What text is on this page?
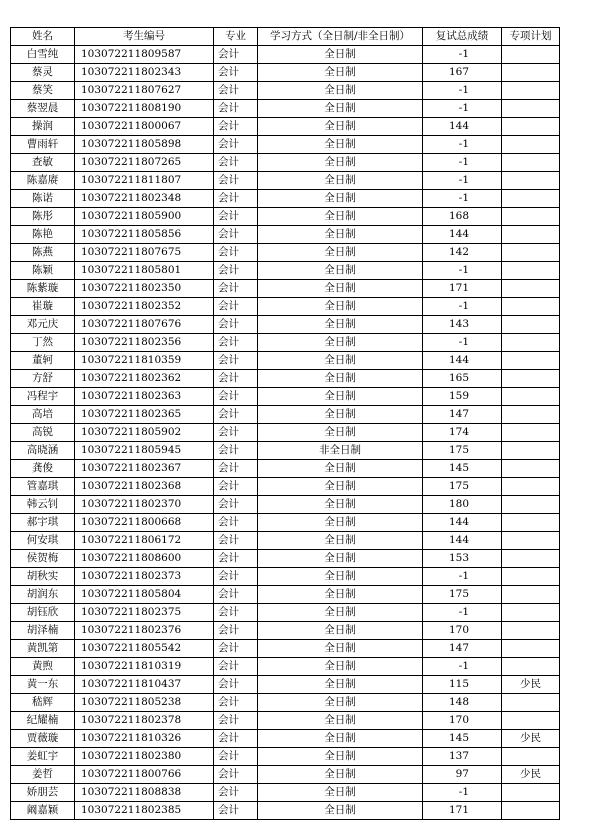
姓名	考生编号	专业	学习方式（全日制/非全日制）	复试总成绩	专项计划
白雪纯	103072211809587	会计	全日制	-1	
蔡灵	103072211802343	会计	全日制	167	
蔡笑	103072211807627	会计	全日制	-1	
蔡翌晨	103072211808190	会计	全日制	-1	
操润	103072211800067	会计	全日制	144	
曹雨轩	103072211805898	会计	全日制	-1	
查敏	103072211807265	会计	全日制	-1	
陈嘉赓	103072211811807	会计	全日制	-1	
陈诺	103072211802348	会计	全日制	-1	
陈彤	103072211805900	会计	全日制	168	
陈艳	103072211805856	会计	全日制	144	
陈燕	103072211807675	会计	全日制	142	
陈颖	103072211805801	会计	全日制	-1	
陈紫璇	103072211802350	会计	全日制	171	
崔璇	103072211802352	会计	全日制	-1	
邓元庆	103072211807676	会计	全日制	143	
丁然	103072211802356	会计	全日制	-1	
董轲	103072211810359	会计	全日制	144	
方舒	103072211802362	会计	全日制	165	
冯程宇	103072211802363	会计	全日制	159	
高培	103072211802365	会计	全日制	147	
高锐	103072211805902	会计	全日制	174	
高晓涵	103072211805945	会计	非全日制	175	
龚俊	103072211802367	会计	全日制	145	
管嘉琪	103072211802368	会计	全日制	175	
韩云钊	103072211802370	会计	全日制	180	
郝宇琪	103072211800668	会计	全日制	144	
何安琪	103072211806172	会计	全日制	144	
侯贺梅	103072211808600	会计	全日制	153	
胡秋实	103072211802373	会计	全日制	-1	
胡润东	103072211805804	会计	全日制	175	
胡钰欣	103072211802375	会计	全日制	-1	
胡泽楠	103072211802376	会计	全日制	170	
黄凯第	103072211805542	会计	全日制	147	
黄煦	103072211810319	会计	全日制	-1	
黄一东	103072211810437	会计	全日制	115	少民
嵇辉	103072211805238	会计	全日制	148	
纪耀楠	103072211802378	会计	全日制	170	
贾薇璇	103072211810326	会计	全日制	145	少民
姜虹宇	103072211802380	会计	全日制	137	
姜哲	103072211800766	会计	全日制	97	少民
娇朋芸	103072211808838	会计	全日制	-1	
阚嘉颖	103072211802385	会计	全日制	171	
